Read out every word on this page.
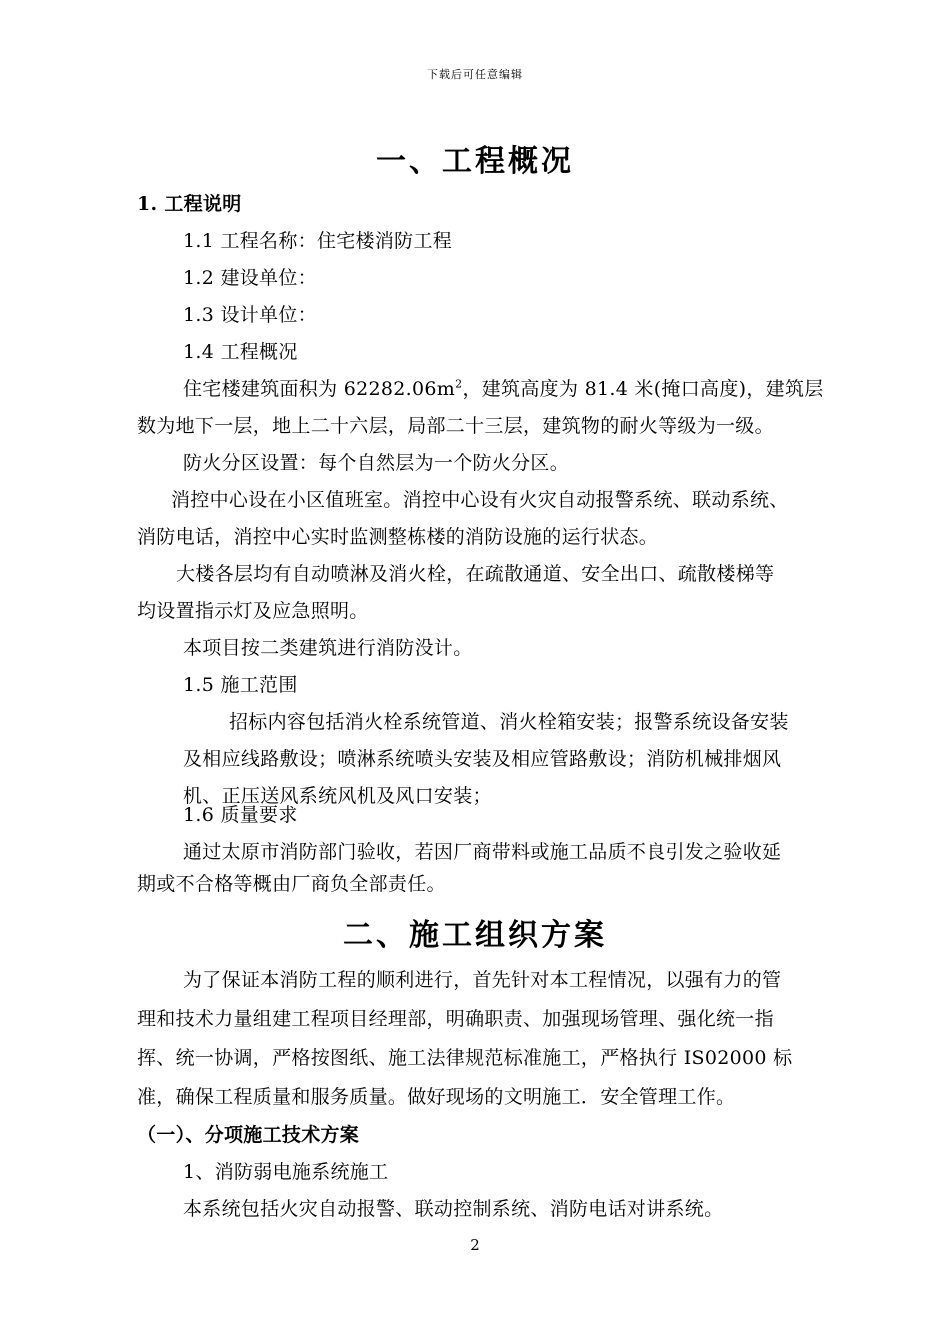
下载后可任意编辑
一、工程概况
1. 工程说明
1.1 工程名称：住宅楼消防工程
1.2 建设单位：
1.3 设计单位：
1.4 工程概况
住宅楼建筑面积为 $62282.06m^2$，建筑高度为 81.4 米(掩口高度)，建筑层
数为地下一层，地上二十六层，局部二十三层，建筑物的耐火等级为一级。
防火分区设置：每个自然层为一个防火分区。
消控中心设在小区值班室。消控中心设有火灾自动报警系统、联动系统、
消防电话，消控中心实时监测整栋楼的消防设施的运行状态。
大楼各层均有自动喷淋及消火栓，在疏散通道、安全出口、疏散楼梯等
均设置指示灯及应急照明。
本项目按二类建筑进行消防没计。
1.5 施工范围
招标内容包括消火栓系统管道、消火栓箱安装；报警系统设备安装
及相应线路敷设；喷淋系统喷头安装及相应管路敷设；消防机械排烟风
机、正压送风系统风机及风口安装；
1.6 质量要求
通过太原市消防部门验收，若因厂商带料或施工品质不良引发之验收延
期或不合格等概由厂商负全部责任。
二、施工组织方案
为了保证本消防工程的顺利进行，首先针对本工程情况，以强有力的管
理和技术力量组建工程项目经理部，明确职责、加强现场管理、强化统一指
挥、统一协调，严格按图纸、施工法律规范标准施工，严格执行 IS02000 标
准，确保工程质量和服务质量。做好现场的文明施工．安全管理工作。
（一）、分项施工技术方案
1、消防弱电施系统施工
本系统包括火灾自动报警、联动控制系统、消防电话对讲系统。
2
